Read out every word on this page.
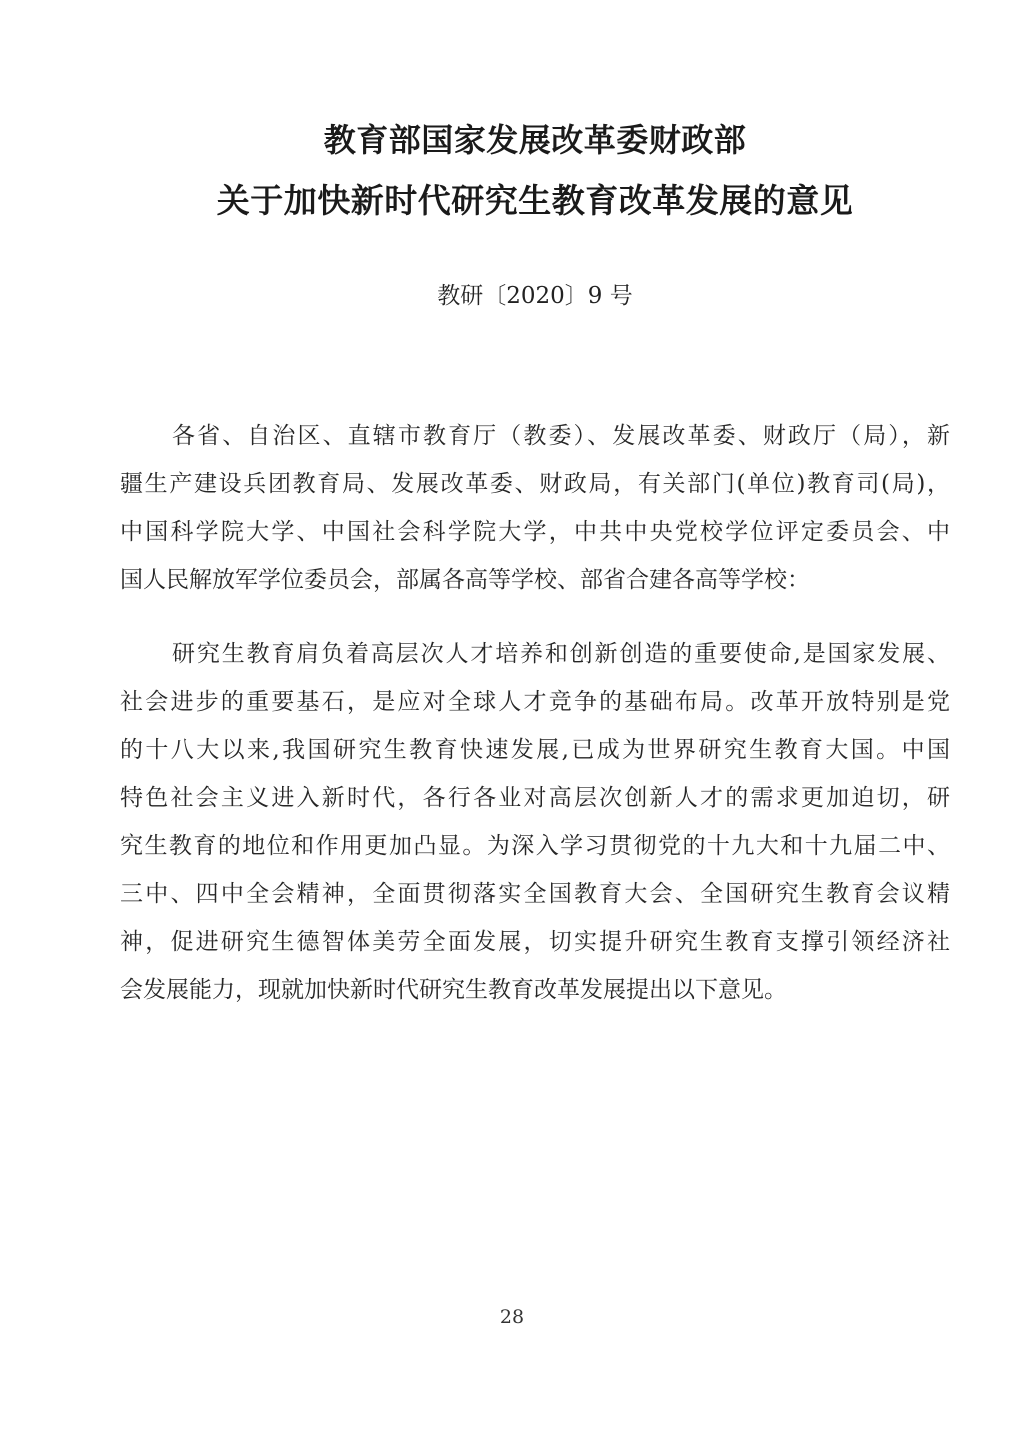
教育部国家发展改革委财政部
关于加快新时代研究生教育改革发展的意见
教研〔2020〕9 号
各省、自治区、直辖市教育厅（教委）、发展改革委、财政厅（局），新
疆生产建设兵团教育局、发展改革委、财政局，有关部门(单位)教育司(局)，
中国科学院大学、中国社会科学院大学，中共中央党校学位评定委员会、中
国人民解放军学位委员会，部属各高等学校、部省合建各高等学校：
研究生教育肩负着高层次人才培养和创新创造的重要使命,是国家发展、
社会进步的重要基石，是应对全球人才竞争的基础布局。改革开放特别是党
的十八大以来,我国研究生教育快速发展,已成为世界研究生教育大国。中国
特色社会主义进入新时代，各行各业对高层次创新人才的需求更加迫切，研
究生教育的地位和作用更加凸显。为深入学习贯彻党的十九大和十九届二中、
三中、四中全会精神，全面贯彻落实全国教育大会、全国研究生教育会议精
神，促进研究生德智体美劳全面发展，切实提升研究生教育支撑引领经济社
会发展能力，现就加快新时代研究生教育改革发展提出以下意见。
28
